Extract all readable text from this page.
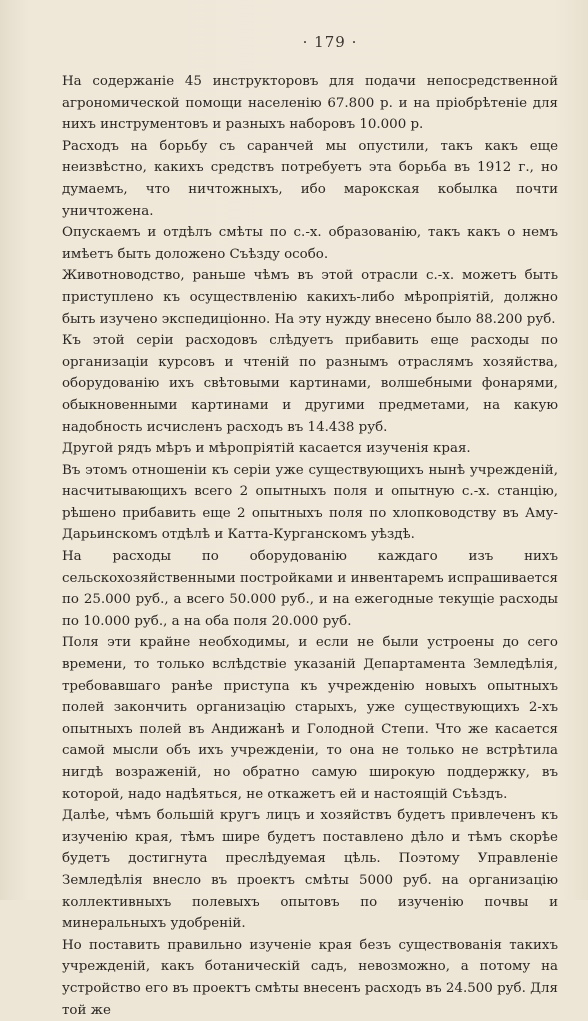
· 179 ·

На содержаніе 45 инструкторовъ для подачи непосредственной агрономической помощи населенію 67.800 р. и на пріобрѣтеніе для нихъ инструментовъ и разныхъ наборовъ 10.000 р.

Расходъ на борьбу съ саранчей мы опустили, такъ какъ еще неизвѣстно, какихъ средствъ потребуетъ эта борьба въ 1912 г., но думаемъ, что ничтожныхъ, ибо марокская кобылка почти уничтожена.

Опускаемъ и отдѣлъ смѣты по с.-х. образованію, такъ какъ о немъ имѣетъ быть доложено Съѣзду особо.

Животноводство, раньше чѣмъ въ этой отрасли с.-х. можетъ быть приступлено къ осуществленію какихъ-либо мѣропріятій, должно быть изучено экспедиціонно. На эту нужду внесено было 88.200 руб.

Къ этой серіи расходовъ слѣдуетъ прибавить еще расходы по организаціи курсовъ и чтеній по разнымъ отраслямъ хозяйства, оборудованію ихъ свѣтовыми картинами, волшебными фонарями, обыкновенными картинами и другими предметами, на какую надобность исчисленъ расходъ въ 14.438 руб.

Другой рядъ мѣръ и мѣропріятій касается изученія края.

Въ этомъ отношеніи къ серіи уже существующихъ нынѣ учрежденій, насчитывающихъ всего 2 опытныхъ поля и опытную с.-х. станцію, рѣшено прибавить еще 2 опытныхъ поля по хлопководству въ Аму-Дарьинскомъ отдѣлѣ и Катта-Курганскомъ уѣздѣ.

На расходы по оборудованію каждаго изъ нихъ сельскохозяйственными постройками и инвентаремъ испрашивается по 25.000 руб., а всего 50.000 руб., и на ежегодные текущіе расходы по 10.000 руб., а на оба поля 20.000 руб.

Поля эти крайне необходимы, и если не были устроены до сего времени, то только вслѣдствіе указаній Департамента Земледѣлія, требовавшаго ранѣе приступа къ учрежденію новыхъ опытныхъ полей закончить организацію старыхъ, уже существующихъ 2-хъ опытныхъ полей въ Андижанѣ и Голодной Степи. Что же касается самой мысли объ ихъ учрежденіи, то она не только не встрѣтила нигдѣ возраженій, но обратно самую широкую поддержку, въ которой, надо надѣяться, не откажетъ ей и настоящій Съѣздъ.

Далѣе, чѣмъ большій кругъ лицъ и хозяйствъ будетъ привлеченъ къ изученію края, тѣмъ шире будетъ поставлено дѣло и тѣмъ скорѣе будетъ достигнута преслѣдуемая цѣль. Поэтому Управленіе Земледѣлія внесло въ проектъ смѣты 5000 руб. на организацію коллективныхъ полевыхъ опытовъ по изученію почвы и минеральныхъ удобреній.

Но поставить правильно изученіе края безъ существованія такихъ учрежденій, какъ ботаническій садъ, невозможно, а потому на устройство его въ проектъ смѣты внесенъ расходъ въ 24.500 руб. Для той же
